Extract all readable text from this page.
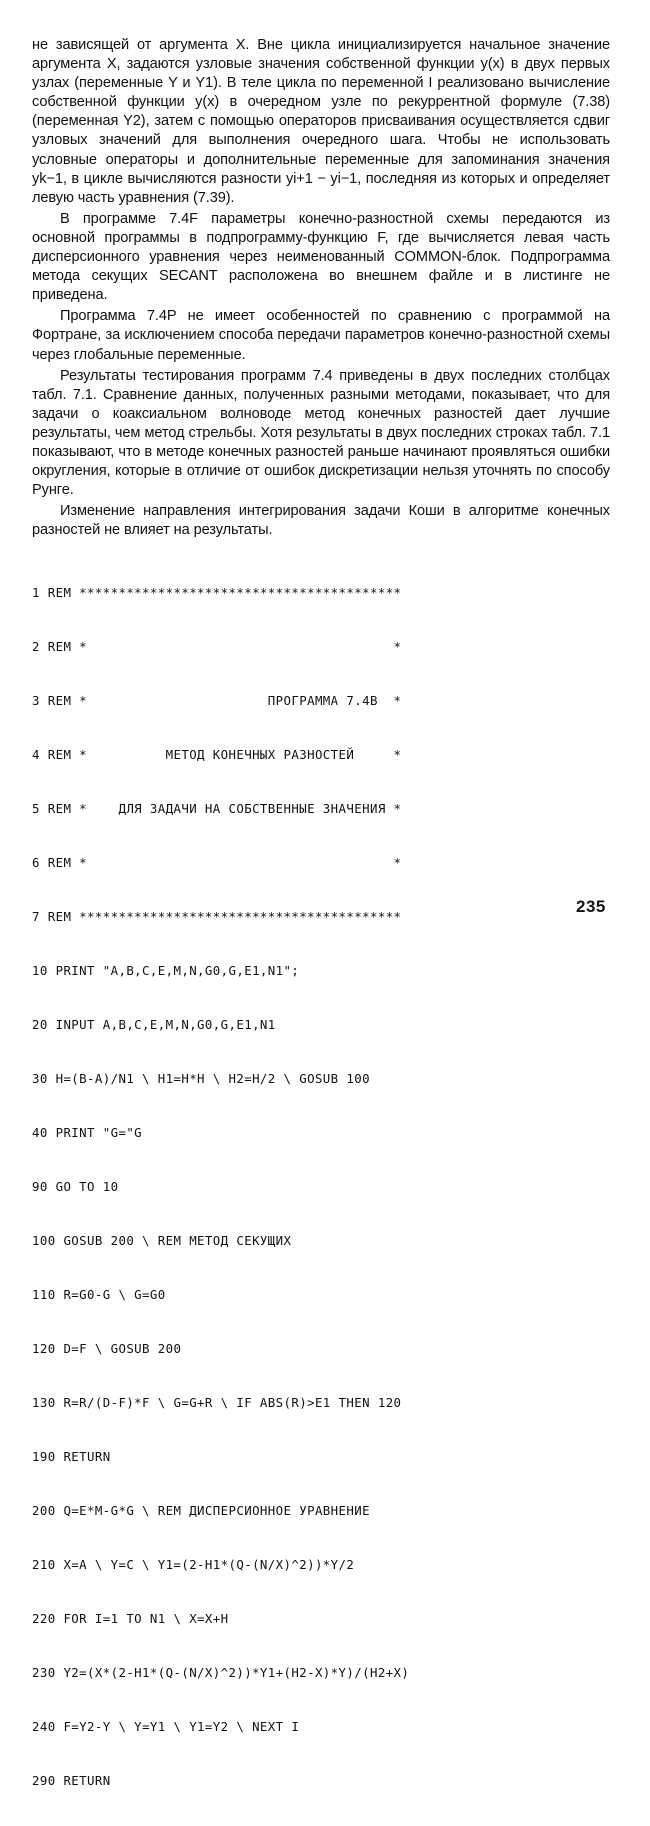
не зависящей от аргумента X. Вне цикла инициализируется начальное значение аргумента X, задаются узловые значения собственной функции y(x) в двух первых узлах (переменные Y и Y1). В теле цикла по переменной I реализовано вычисление собственной функции y(x) в очередном узле по рекуррентной формуле (7.38) (переменная Y2), затем с помощью операторов присваивания осуществляется сдвиг узловых значений для выполнения очередного шага. Чтобы не использовать условные операторы и дополнительные переменные для запоминания значения yk−1, в цикле вычисляются разности yi+1 − yi−1, последняя из которых и определяет левую часть уравнения (7.39).

В программе 7.4F параметры конечно-разностной схемы передаются из основной программы в подпрограмму-функцию F, где вычисляется левая часть дисперсионного уравнения через неименованный COMMON-блок. Подпрограмма метода секущих SECANT расположена во внешнем файле и в листинге не приведена.

Программа 7.4P не имеет особенностей по сравнению с программой на Фортране, за исключением способа передачи параметров конечно-разностной схемы через глобальные переменные.

Результаты тестирования программ 7.4 приведены в двух последних столбцах табл. 7.1. Сравнение данных, полученных разными методами, показывает, что для задачи о коаксиальном волноводе метод конечных разностей дает лучшие результаты, чем метод стрельбы. Хотя результаты в двух последних строках табл. 7.1 показывают, что в методе конечных разностей раньше начинают проявляться ошибки округления, которые в отличие от ошибок дискретизации нельзя уточнять по способу Рунге.

Изменение направления интегрирования задачи Коши в алгоритме конечных разностей не влияет на результаты.

1 REM *****************************************

2 REM *                                       *

3 REM *                       ПРОГРАММА 7.4B  *

4 REM *          МЕТОД КОНЕЧНЫХ РАЗНОСТЕЙ     *

5 REM *    ДЛЯ ЗАДАЧИ НА СОБСТВЕННЫЕ ЗНАЧЕНИЯ *

6 REM *                                       *

7 REM *****************************************

10 PRINT "A,B,C,E,M,N,G0,G,E1,N1";

20 INPUT A,B,C,E,M,N,G0,G,E1,N1

30 H=(B-A)/N1 \ H1=H*H \ H2=H/2 \ GOSUB 100

40 PRINT "G="G

90 GO TO 10

100 GOSUB 200 \ REM МЕТОД СЕКУЩИХ

110 R=G0-G \ G=G0

120 D=F \ GOSUB 200

130 R=R/(D-F)*F \ G=G+R \ IF ABS(R)>E1 THEN 120

190 RETURN

200 Q=E*M-G*G \ REM ДИСПЕРСИОННОЕ УРАВНЕНИЕ

210 X=A \ Y=C \ Y1=(2-H1*(Q-(N/X)^2))*Y/2

220 FOR I=1 TO N1 \ X=X+H

230 Y2=(X*(2-H1*(Q-(N/X)^2))*Y1+(H2-X)*Y)/(H2+X)

240 F=Y2-Y \ Y=Y1 \ Y1=Y2 \ NEXT I

290 RETURN

235
